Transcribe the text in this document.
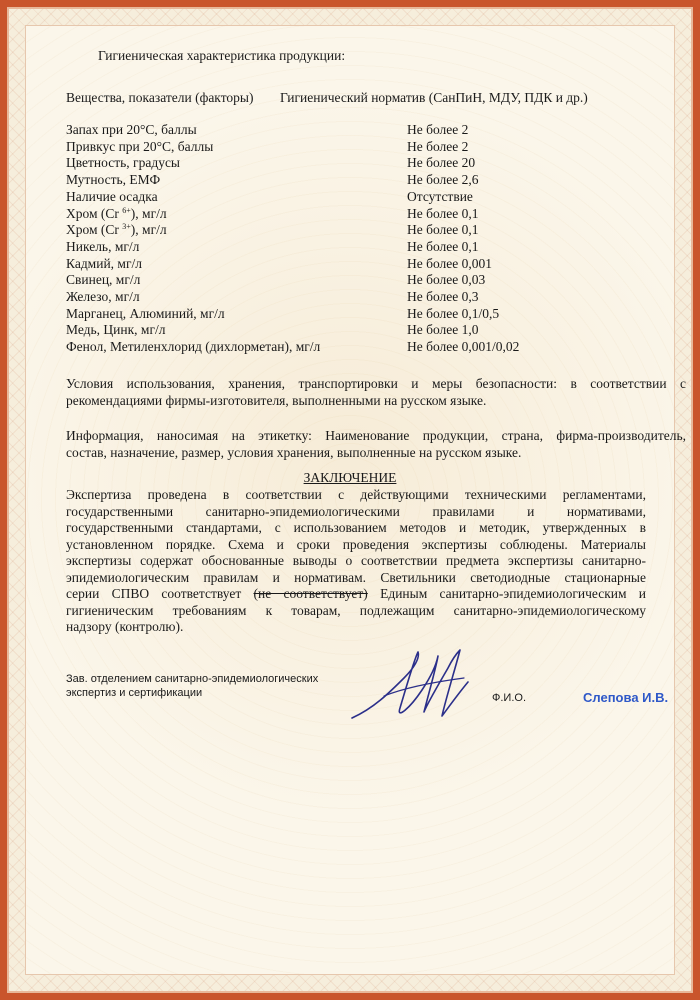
Гигиеническая характеристика продукции:
Вещества, показатели (факторы) Гигиенический норматив (СанПиН, МДУ, ПДК и др.)
Запах при 20°С, баллы	Не более 2
Привкус при 20°С, баллы	Не более 2
Цветность, градусы	Не более 20
Мутность, ЕМФ	Не более 2,6
Наличие осадка	Отсутствие
Хром (Cr $^{6+}$), мг/л	Не более 0,1
Хром (Cr $^{3+}$), мг/л	Не более 0,1
Никель, мг/л	Не более 0,1
Кадмий, мг/л	Не более 0,001
Свинец, мг/л	Не более 0,03
Железо, мг/л	Не более 0,3
Марганец, Алюминий, мг/л	Не более 0,1/0,5
Медь, Цинк, мг/л	Не более 1,0
Фенол, Метиленхлорид (дихлорметан), мг/л	Не более 0,001/0,02
Условия использования, хранения, транспортировки и меры безопасности: в соответствии с
рекомендациями фирмы-изготовителя, выполненными на русском языке.
Информация, наносимая на этикетку: Наименование продукции, страна, фирма-производитель,
состав, назначение, размер, условия хранения, выполненные на русском языке.
ЗАКЛЮЧЕНИЕ
Экспертиза проведена в соответствии с действующими техническими регламентами,
государственными санитарно-эпидемиологическими правилами и нормативами,
государственными стандартами, с использованием методов и методик, утвержденных в
установленном порядке. Схема и сроки проведения экспертизы соблюдены. Материалы
экспертизы содержат обоснованные выводы о соответствии предмета экспертизы санитарно-
эпидемиологическим правилам и нормативам. Светильники светодиодные стационарные
серии СПВО соответствует (не соответствует) Единым санитарно-эпидемиологическим и
гигиеническим требованиям к товарам, подлежащим санитарно-эпидемиологическому
надзору (контролю).
Зав. отделением санитарно-эпидемиологических
экспертиз и сертификации	Ф.И.О.	Слепова И.В.
